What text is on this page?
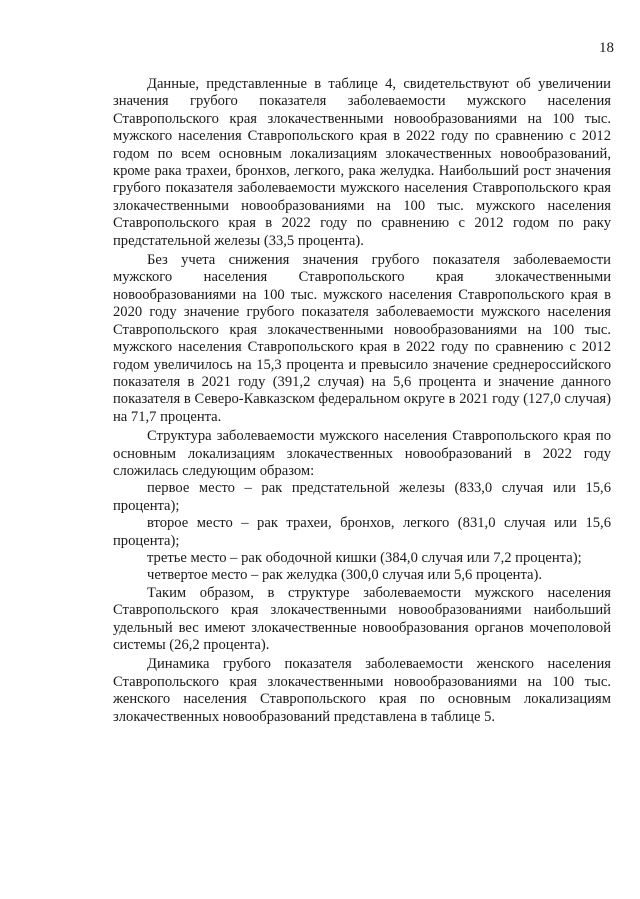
18

Данные, представленные в таблице 4, свидетельствуют об увеличении значения грубого показателя заболеваемости мужского населения Ставропольского края злокачественными новообразованиями на 100 тыс. мужского населения Ставропольского края в 2022 году по сравнению с 2012 годом по всем основным локализациям злокачественных новообразований, кроме рака трахеи, бронхов, легкого, рака желудка. Наибольший рост значения грубого показателя заболеваемости мужского населения Ставропольского края злокачественными новообразованиями на 100 тыс. мужского населения Ставропольского края в 2022 году по сравнению с 2012 годом по раку предстательной железы (33,5 процента).

Без учета снижения значения грубого показателя заболеваемости мужского населения Ставропольского края злокачественными новообразованиями на 100 тыс. мужского населения Ставропольского края в 2020 году значение грубого показателя заболеваемости мужского населения Ставропольского края злокачественными новообразованиями на 100 тыс. мужского населения Ставропольского края в 2022 году по сравнению с 2012 годом увеличилось на 15,3 процента и превысило значение среднероссийского показателя в 2021 году (391,2 случая) на 5,6 процента и значение данного показателя в Северо-Кавказском федеральном округе в 2021 году (127,0 случая) на 71,7 процента.

Структура заболеваемости мужского населения Ставропольского края по основным локализациям злокачественных новообразований в 2022 году сложилась следующим образом:

первое место – рак предстательной железы (833,0 случая или 15,6 процента);

второе место – рак трахеи, бронхов, легкого (831,0 случая или 15,6 процента);

третье место – рак ободочной кишки (384,0 случая или 7,2 процента);

четвертое место – рак желудка (300,0 случая или 5,6 процента).

Таким образом, в структуре заболеваемости мужского населения Ставропольского края злокачественными новообразованиями наибольший удельный вес имеют злокачественные новообразования органов мочеполовой системы (26,2 процента).

Динамика грубого показателя заболеваемости женского населения Ставропольского края злокачественными новообразованиями на 100 тыс. женского населения Ставропольского края по основным локализациям злокачественных новообразований представлена в таблице 5.
